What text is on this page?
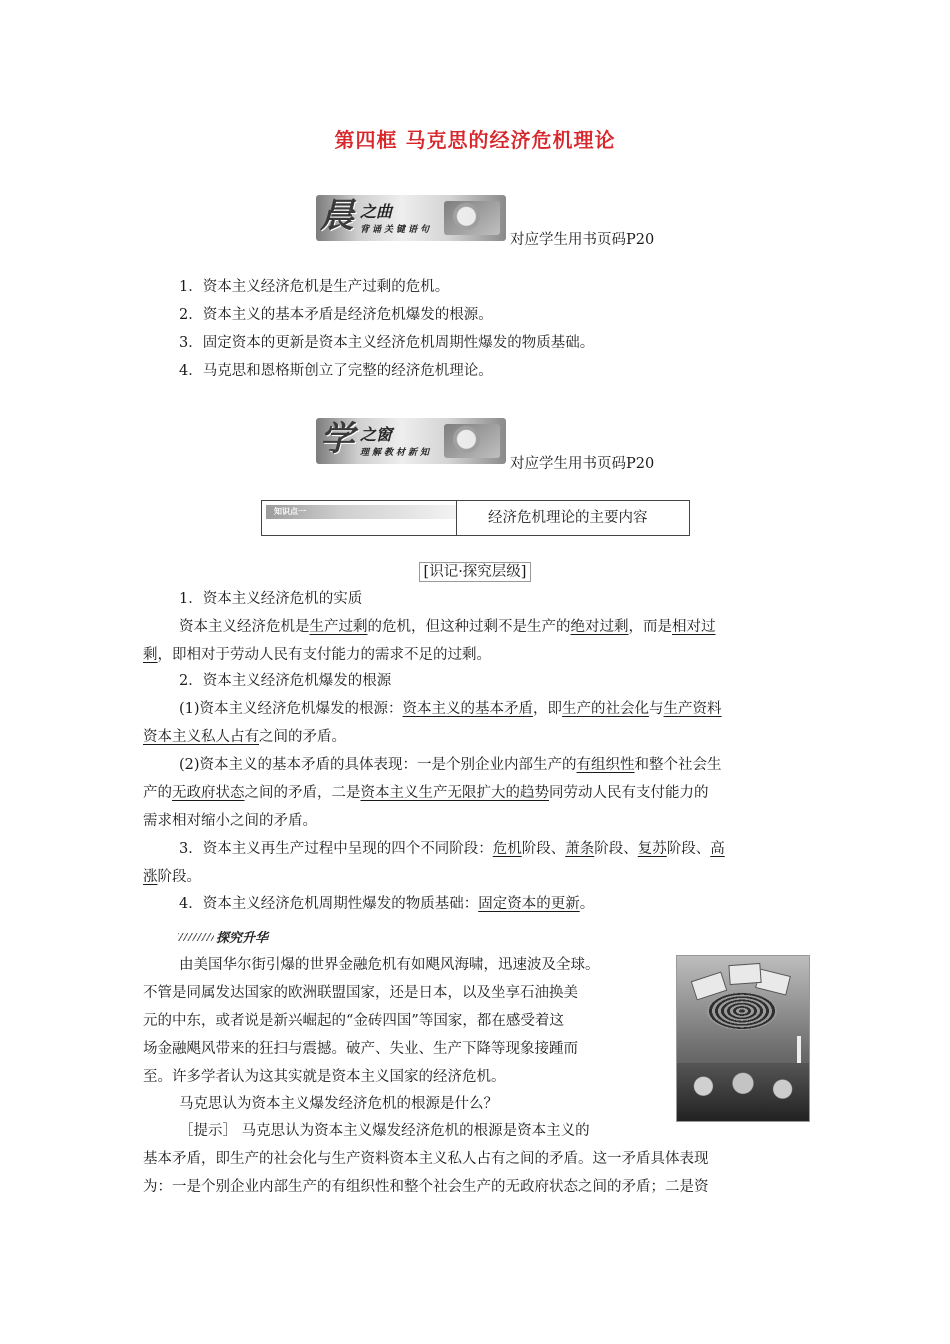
第四框 马克思的经济危机理论
晨 之曲
背诵关键语句
对应学生用书页码P20
1．资本主义经济危机是生产过剩的危机。
2．资本主义的基本矛盾是经济危机爆发的根源。
3．固定资本的更新是资本主义经济危机周期性爆发的物质基础。
4．马克思和恩格斯创立了完整的经济危机理论。
学 之窗
理解教材新知
对应学生用书页码P20
知识点一	经济危机理论的主要内容
[识记·探究层级]
1．资本主义经济危机的实质
资本主义经济危机是生产过剩的危机，但这种过剩不是生产的绝对过剩，而是相对过
剩，即相对于劳动人民有支付能力的需求不足的过剩。
2．资本主义经济危机爆发的根源
(1)资本主义经济危机爆发的根源：资本主义的基本矛盾，即生产的社会化与生产资料
资本主义私人占有之间的矛盾。
(2)资本主义的基本矛盾的具体表现：一是个别企业内部生产的有组织性和整个社会生
产的无政府状态之间的矛盾，二是资本主义生产无限扩大的趋势同劳动人民有支付能力的
需求相对缩小之间的矛盾。
3．资本主义再生产过程中呈现的四个不同阶段：危机阶段、萧条阶段、复苏阶段、高
涨阶段。
4．资本主义经济危机周期性爆发的物质基础：固定资本的更新。
探究升华
由美国华尔街引爆的世界金融危机有如飓风海啸，迅速波及全球。
不管是同属发达国家的欧洲联盟国家，还是日本，以及坐享石油换美
元的中东，或者说是新兴崛起的“金砖四国”等国家，都在感受着这
场金融飓风带来的狂扫与震撼。破产、失业、生产下降等现象接踵而
至。许多学者认为这其实就是资本主义国家的经济危机。
马克思认为资本主义爆发经济危机的根源是什么？
［提示］ 马克思认为资本主义爆发经济危机的根源是资本主义的
基本矛盾，即生产的社会化与生产资料资本主义私人占有之间的矛盾。这一矛盾具体表现
为：一是个别企业内部生产的有组织性和整个社会生产的无政府状态之间的矛盾；二是资
